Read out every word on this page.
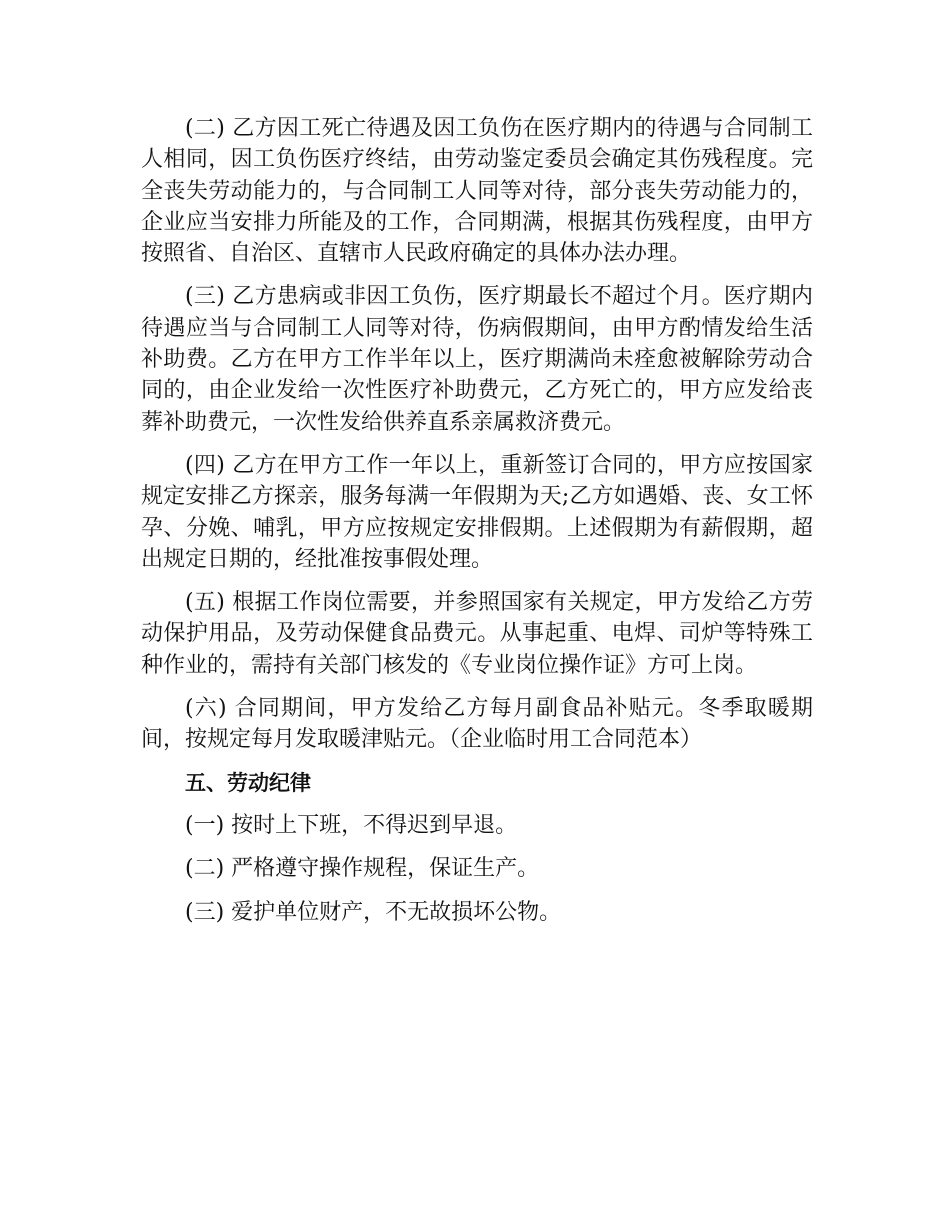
(二) 乙方因工死亡待遇及因工负伤在医疗期内的待遇与合同制工人相同，因工负伤医疗终结，由劳动鉴定委员会确定其伤残程度。完全丧失劳动能力的，与合同制工人同等对待，部分丧失劳动能力的，企业应当安排力所能及的工作，合同期满，根据其伤残程度，由甲方按照省、自治区、直辖市人民政府确定的具体办法办理。

(三) 乙方患病或非因工负伤，医疗期最长不超过个月。医疗期内待遇应当与合同制工人同等对待，伤病假期间，由甲方酌情发给生活补助费。乙方在甲方工作半年以上，医疗期满尚未痊愈被解除劳动合同的，由企业发给一次性医疗补助费元，乙方死亡的，甲方应发给丧葬补助费元，一次性发给供养直系亲属救济费元。

(四) 乙方在甲方工作一年以上，重新签订合同的，甲方应按国家规定安排乙方探亲，服务每满一年假期为天;乙方如遇婚、丧、女工怀孕、分娩、哺乳，甲方应按规定安排假期。上述假期为有薪假期，超出规定日期的，经批准按事假处理。

(五) 根据工作岗位需要，并参照国家有关规定，甲方发给乙方劳动保护用品，及劳动保健食品费元。从事起重、电焊、司炉等特殊工种作业的，需持有关部门核发的《专业岗位操作证》方可上岗。

(六) 合同期间，甲方发给乙方每月副食品补贴元。冬季取暖期间，按规定每月发取暖津贴元。（企业临时用工合同范本）

五、劳动纪律

(一) 按时上下班，不得迟到早退。

(二) 严格遵守操作规程，保证生产。

(三) 爱护单位财产，不无故损坏公物。
